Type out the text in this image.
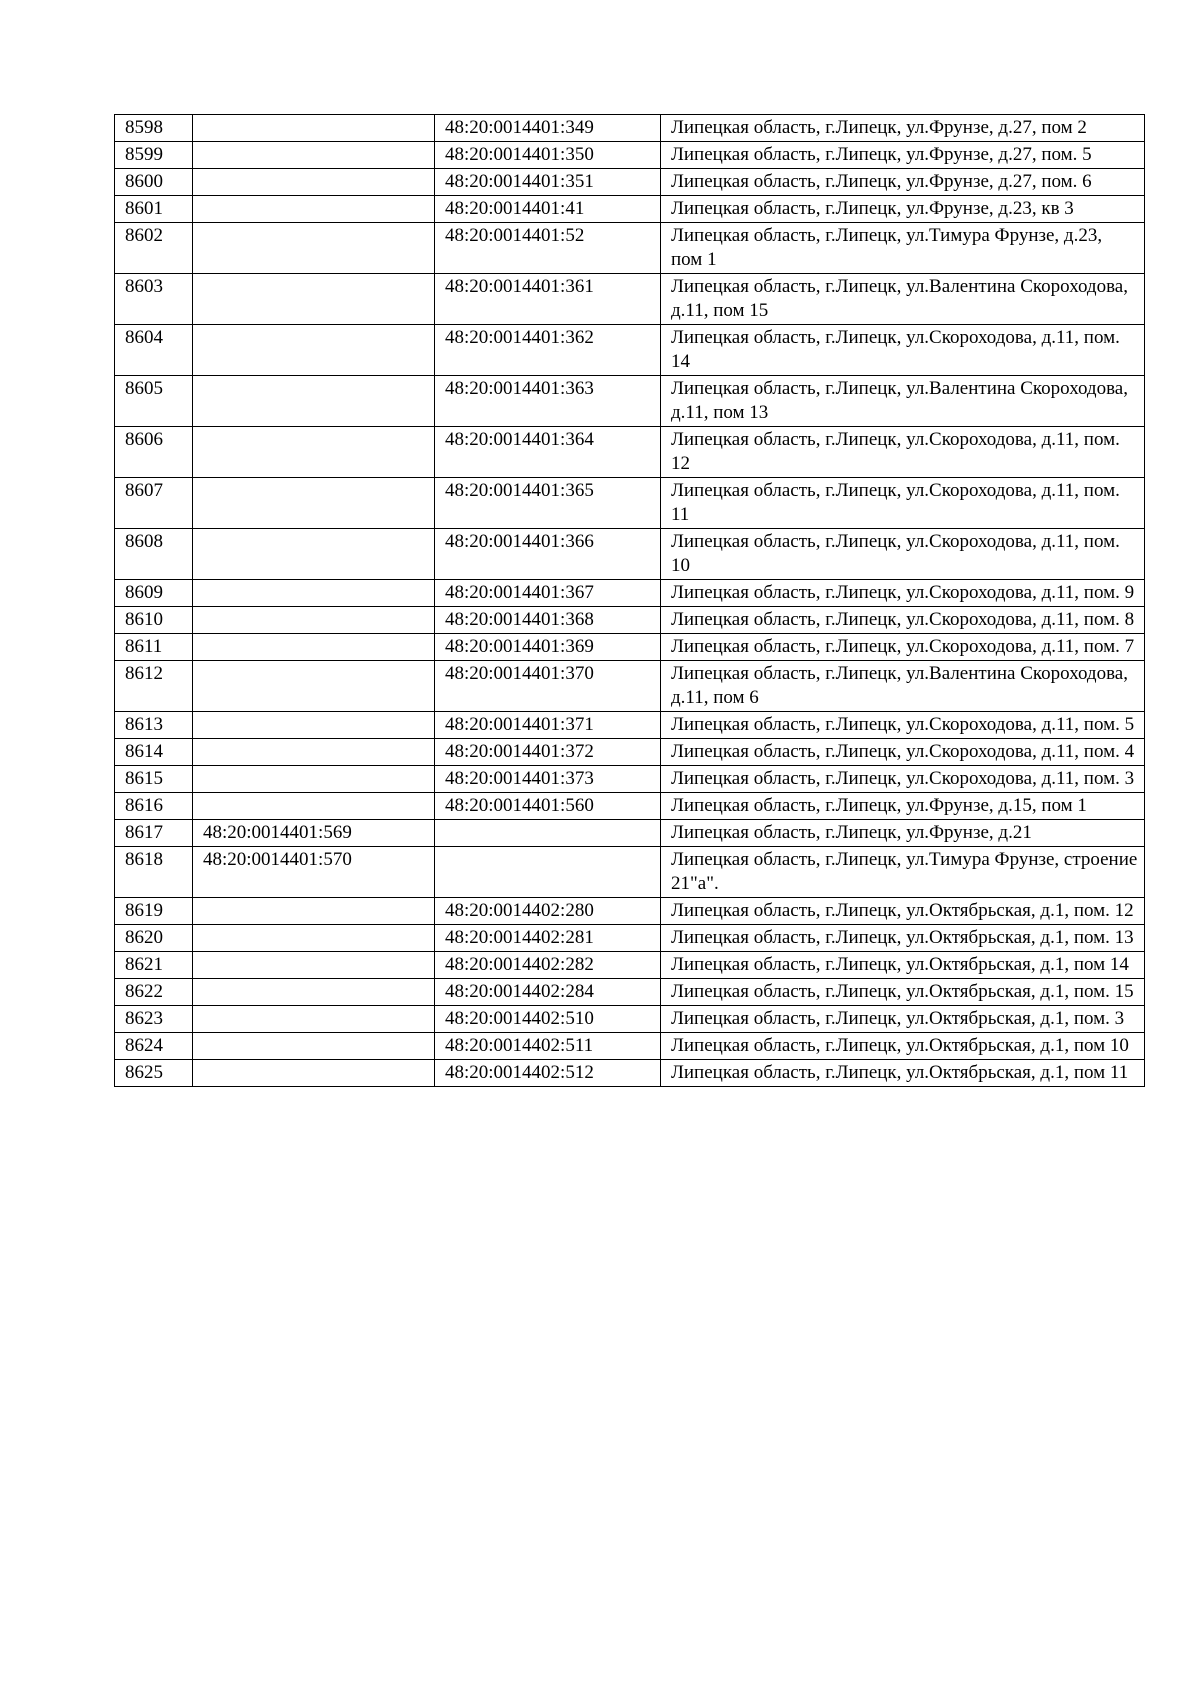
8598		48:20:0014401:349	Липецкая область, г.Липецк, ул.Фрунзе, д.27, пом 2
8599		48:20:0014401:350	Липецкая область, г.Липецк, ул.Фрунзе, д.27, пом. 5
8600		48:20:0014401:351	Липецкая область, г.Липецк, ул.Фрунзе, д.27, пом. 6
8601		48:20:0014401:41	Липецкая область, г.Липецк, ул.Фрунзе, д.23, кв 3
8602		48:20:0014401:52	Липецкая область, г.Липецк, ул.Тимура Фрунзе, д.23, пом 1
8603		48:20:0014401:361	Липецкая область, г.Липецк, ул.Валентина Скороходова, д.11, пом 15
8604		48:20:0014401:362	Липецкая область, г.Липецк, ул.Скороходова, д.11, пом. 14
8605		48:20:0014401:363	Липецкая область, г.Липецк, ул.Валентина Скороходова, д.11, пом 13
8606		48:20:0014401:364	Липецкая область, г.Липецк, ул.Скороходова, д.11, пом. 12
8607		48:20:0014401:365	Липецкая область, г.Липецк, ул.Скороходова, д.11, пом. 11
8608		48:20:0014401:366	Липецкая область, г.Липецк, ул.Скороходова, д.11, пом. 10
8609		48:20:0014401:367	Липецкая область, г.Липецк, ул.Скороходова, д.11, пом. 9
8610		48:20:0014401:368	Липецкая область, г.Липецк, ул.Скороходова, д.11, пом. 8
8611		48:20:0014401:369	Липецкая область, г.Липецк, ул.Скороходова, д.11, пом. 7
8612		48:20:0014401:370	Липецкая область, г.Липецк, ул.Валентина Скороходова, д.11, пом 6
8613		48:20:0014401:371	Липецкая область, г.Липецк, ул.Скороходова, д.11, пом. 5
8614		48:20:0014401:372	Липецкая область, г.Липецк, ул.Скороходова, д.11, пом. 4
8615		48:20:0014401:373	Липецкая область, г.Липецк, ул.Скороходова, д.11, пом. 3
8616		48:20:0014401:560	Липецкая область, г.Липецк, ул.Фрунзе, д.15, пом 1
8617	48:20:0014401:569		Липецкая область, г.Липецк, ул.Фрунзе, д.21
8618	48:20:0014401:570		Липецкая область, г.Липецк, ул.Тимура Фрунзе, строение 21"а".
8619		48:20:0014402:280	Липецкая область, г.Липецк, ул.Октябрьская, д.1, пом. 12
8620		48:20:0014402:281	Липецкая область, г.Липецк, ул.Октябрьская, д.1, пом. 13
8621		48:20:0014402:282	Липецкая область, г.Липецк, ул.Октябрьская, д.1, пом 14
8622		48:20:0014402:284	Липецкая область, г.Липецк, ул.Октябрьская, д.1, пом. 15
8623		48:20:0014402:510	Липецкая область, г.Липецк, ул.Октябрьская, д.1, пом. 3
8624		48:20:0014402:511	Липецкая область, г.Липецк, ул.Октябрьская, д.1, пом 10
8625		48:20:0014402:512	Липецкая область, г.Липецк, ул.Октябрьская, д.1, пом 11
